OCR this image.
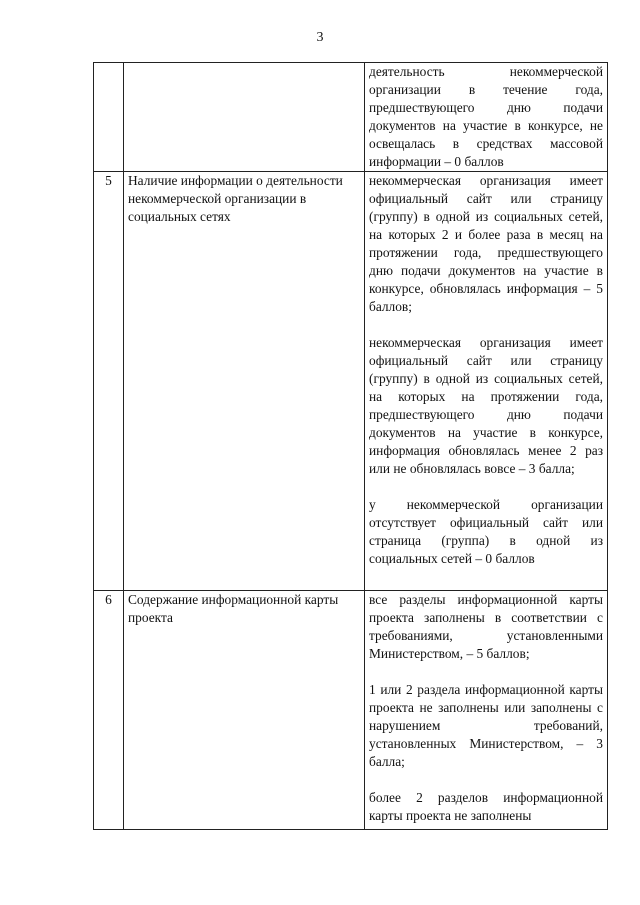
3

		деятельность некоммерческой организации в течение года, предшествующего дню подачи документов на участие в конкурсе, не освещалась в средствах массовой информации – 0 баллов

5	Наличие информации о деятельности некоммерческой организации в социальных сетях	некоммерческая организация имеет официальный сайт или страницу (группу) в одной из социальных сетей, на которых 2 и более раза в месяц на протяжении года, предшествующего дню подачи документов на участие в конкурсе, обновлялась информация – 5 баллов;

некоммерческая организация имеет официальный сайт или страницу (группу) в одной из социальных сетей, на которых на протяжении года, предшествующего дню подачи документов на участие в конкурсе, информация обновлялась менее 2 раз или не обновлялась вовсе – 3 балла;

у некоммерческой организации отсутствует официальный сайт или страница (группа) в одной из социальных сетей – 0 баллов

6	Содержание информационной карты проекта	все разделы информационной карты проекта заполнены в соответствии с требованиями, установленными Министерством, – 5 баллов;

1 или 2 раздела информационной карты проекта не заполнены или заполнены с нарушением требований, установленных Министерством, – 3 балла;

более 2 разделов информационной карты проекта не заполнены
